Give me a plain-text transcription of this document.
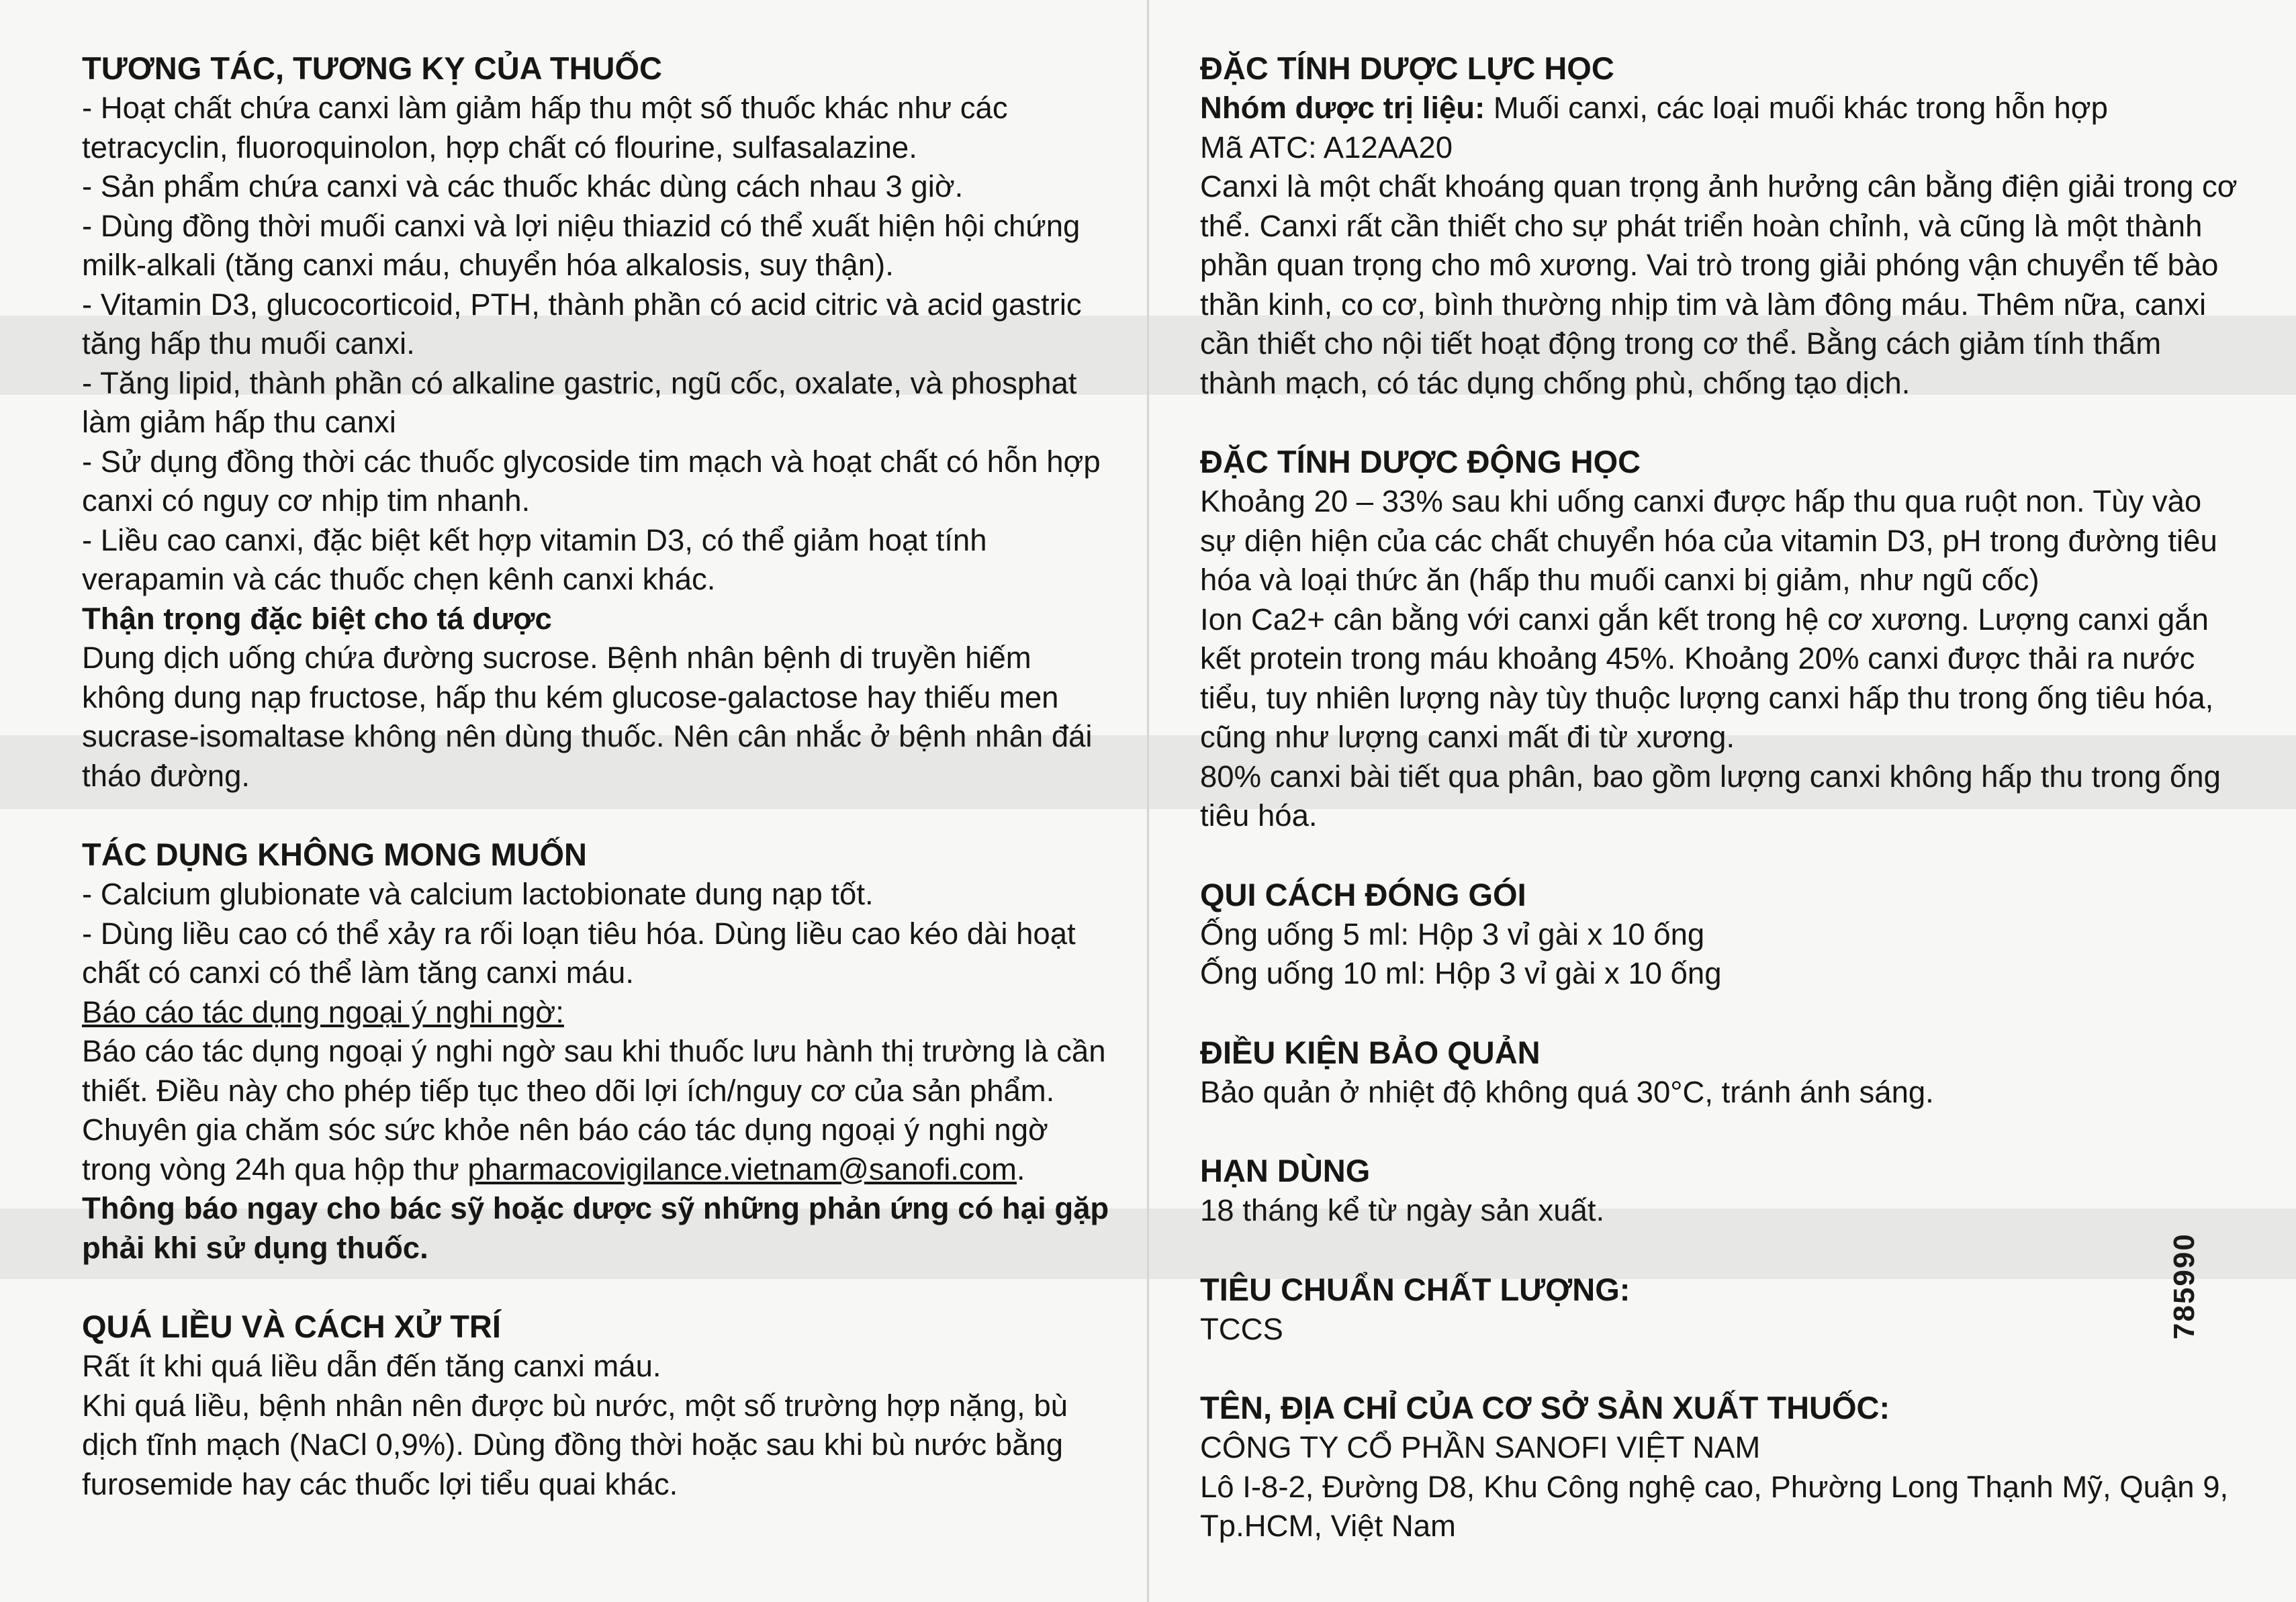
TƯƠNG TÁC, TƯƠNG KỴ CỦA THUỐC

- Hoạt chất chứa canxi làm giảm hấp thu một số thuốc khác như các tetracyclin, fluoroquinolon, hợp chất có flourine, sulfasalazine.

- Sản phẩm chứa canxi và các thuốc khác dùng cách nhau 3 giờ.

- Dùng đồng thời muối canxi và lợi niệu thiazid có thể xuất hiện hội chứng milk-alkali (tăng canxi máu, chuyển hóa alkalosis, suy thận).

- Vitamin D3, glucocorticoid, PTH, thành phần có acid citric và acid gastric tăng hấp thu muối canxi.

- Tăng lipid, thành phần có alkaline gastric, ngũ cốc, oxalate, và phosphat làm giảm hấp thu canxi

- Sử dụng đồng thời các thuốc glycoside tim mạch và hoạt chất có hỗn hợp canxi có nguy cơ nhịp tim nhanh.

- Liều cao canxi, đặc biệt kết hợp vitamin D3, có thể giảm hoạt tính verapamin và các thuốc chẹn kênh canxi khác.

Thận trọng đặc biệt cho tá dược

Dung dịch uống chứa đường sucrose. Bệnh nhân bệnh di truyền hiếm không dung nạp fructose, hấp thu kém glucose-galactose hay thiếu men sucrase-isomaltase không nên dùng thuốc. Nên cân nhắc ở bệnh nhân đái tháo đường.

TÁC DỤNG KHÔNG MONG MUỐN

- Calcium glubionate và calcium lactobionate dung nạp tốt.

- Dùng liều cao có thể xảy ra rối loạn tiêu hóa. Dùng liều cao kéo dài hoạt chất có canxi có thể làm tăng canxi máu.

Báo cáo tác dụng ngoại ý nghi ngờ:

Báo cáo tác dụng ngoại ý nghi ngờ sau khi thuốc lưu hành thị trường là cần thiết. Điều này cho phép tiếp tục theo dõi lợi ích/nguy cơ của sản phẩm. Chuyên gia chăm sóc sức khỏe nên báo cáo tác dụng ngoại ý nghi ngờ trong vòng 24h qua hộp thư pharmacovigilance.vietnam@sanofi.com.

Thông báo ngay cho bác sỹ hoặc dược sỹ những phản ứng có hại gặp phải khi sử dụng thuốc.

QUÁ LIỀU VÀ CÁCH XỬ TRÍ

Rất ít khi quá liều dẫn đến tăng canxi máu.

Khi quá liều, bệnh nhân nên được bù nước, một số trường hợp nặng, bù dịch tĩnh mạch (NaCl 0,9%). Dùng đồng thời hoặc sau khi bù nước bằng furosemide hay các thuốc lợi tiểu quai khác.

ĐẶC TÍNH DƯỢC LỰC HỌC

Nhóm dược trị liệu: Muối canxi, các loại muối khác trong hỗn hợp

Mã ATC: A12AA20

Canxi là một chất khoáng quan trọng ảnh hưởng cân bằng điện giải trong cơ thể. Canxi rất cần thiết cho sự phát triển hoàn chỉnh, và cũng là một thành phần quan trọng cho mô xương. Vai trò trong giải phóng vận chuyển tế bào thần kinh, co cơ, bình thường nhịp tim và làm đông máu. Thêm nữa, canxi cần thiết cho nội tiết hoạt động trong cơ thể. Bằng cách giảm tính thấm thành mạch, có tác dụng chống phù, chống tạo dịch.

ĐẶC TÍNH DƯỢC ĐỘNG HỌC

Khoảng 20 – 33% sau khi uống canxi được hấp thu qua ruột non. Tùy vào sự diện hiện của các chất chuyển hóa của vitamin D3, pH trong đường tiêu hóa và loại thức ăn (hấp thu muối canxi bị giảm, như ngũ cốc)

Ion Ca2+ cân bằng với canxi gắn kết trong hệ cơ xương. Lượng canxi gắn kết protein trong máu khoảng 45%. Khoảng 20% canxi được thải ra nước tiểu, tuy nhiên lượng này tùy thuộc lượng canxi hấp thu trong ống tiêu hóa, cũng như lượng canxi mất đi từ xương.

80% canxi bài tiết qua phân, bao gồm lượng canxi không hấp thu trong ống tiêu hóa.

QUI CÁCH ĐÓNG GÓI

Ống uống 5 ml: Hộp 3 vỉ gài x 10 ống

Ống uống 10 ml: Hộp 3 vỉ gài x 10 ống

ĐIỀU KIỆN BẢO QUẢN

Bảo quản ở nhiệt độ không quá 30°C, tránh ánh sáng.

HẠN DÙNG

18 tháng kể từ ngày sản xuất.

TIÊU CHUẨN CHẤT LƯỢNG:

TCCS

TÊN, ĐỊA CHỈ CỦA CƠ SỞ SẢN XUẤT THUỐC:

CÔNG TY CỔ PHẦN SANOFI VIỆT NAM

Lô I-8-2, Đường D8, Khu Công nghệ cao, Phường Long Thạnh Mỹ, Quận 9, Tp.HCM, Việt Nam

785990
